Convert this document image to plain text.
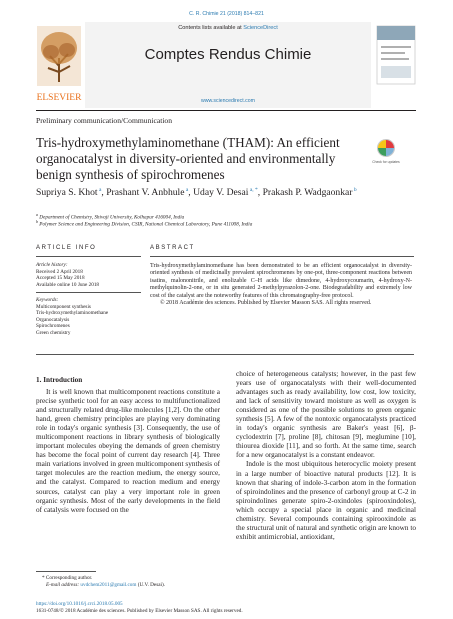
C. R. Chimie 21 (2018) 814–821
Contents lists available at ScienceDirect
Comptes Rendus Chimie
www.sciencedirect.com
ELSEVIER
Preliminary communication/Communication
Tris-hydroxymethylaminomethane (THAM): An efficient organocatalyst in diversity-oriented and environmentally benign synthesis of spirochromenes
Check for updates
Supriya S. Khot $^a$, Prashant V. Anbhule $^a$, Uday V. Desai $^{a, *}$, Prakash P. Wadgaonkar $^b$
$^a$ Department of Chemistry, Shivaji University, Kolhapur 416004, India
$^b$ Polymer Science and Engineering Division, CSIR, National Chemical Laboratory, Pune 411008, India
ARTICLE INFO	ABSTRACT
Article history:
Received 2 April 2018
Accepted 15 May 2018
Available online 10 June 2018
Keywords:
Multicomponent synthesis
Tris-hydroxymethylaminomethane
Organocatalysis
Spirochromenes
Green chemistry
Tris-hydroxymethylaminomethane has been demonstrated to be an efficient organocatalyst in diversity-oriented synthesis of medicinally prevalent spirochromenes by one-pot, three-component reactions between isatins, malononitrile, and enolizable C–H acids like dimedone, 4-hydroxycoumarin, 4-hydroxy-N-methylquinolin-2-one, or in situ generated 2-methylpyrazolon-2-one. Biodegradability and extremely low cost of the catalyst are the noteworthy features of this chromatography-free protocol.
© 2018 Académie des sciences. Published by Elsevier Masson SAS. All rights reserved.
1. Introduction

It is well known that multicomponent reactions constitute a precise synthetic tool for an easy access to multifunctionalized and structurally related drug-like molecules [1,2]. On the other hand, green chemistry principles are playing very dominating role in today's organic synthesis [3]. Consequently, the use of multicomponent reactions in library synthesis of biologically important molecules obeying the demands of green chemistry has become the focal point of current day research [4]. Three main variations involved in green multicomponent synthesis of target molecules are the reaction medium, the energy source, and the catalyst. Compared to reaction medium and energy sources, catalyst can play a very important role in green organic synthesis. Most of the early developments in the field of catalysis were focused on the

choice of heterogeneous catalysts; however, in the past few years use of organocatalysts with their well-documented advantages such as ready availability, low cost, low toxicity, and lack of sensitivity toward moisture as well as oxygen is considered as one of the possible solutions to green organic synthesis [5]. A few of the nontoxic organocatalysts practiced in today's organic synthesis are Baker's yeast [6], β-cyclodextrin [7], proline [8], chitosan [9], meglumine [10], thiourea dioxide [11], and so forth. At the same time, search for a new organocatalyst is a constant endeavor.

Indole is the most ubiquitous heterocyclic moiety present in a large number of bioactive natural products [12]. It is known that sharing of indole-3-carbon atom in the formation of spiroindolines and the presence of carbonyl group at C-2 in spiroindolines generate spiro-2-oxindoles (spirooxindoles), which occupy a special place in organic and medicinal chemistry. Several compounds containing spirooxindole as the structural unit of natural and synthetic origin are known to exhibit antimicrobial, antioxidant,

* Corresponding author.
E-mail address: uvdchem2011@gmail.com (U.V. Desai).
https://doi.org/10.1016/j.crci.2018.05.005
1631-0748/© 2018 Académie des sciences. Published by Elsevier Masson SAS. All rights reserved.
